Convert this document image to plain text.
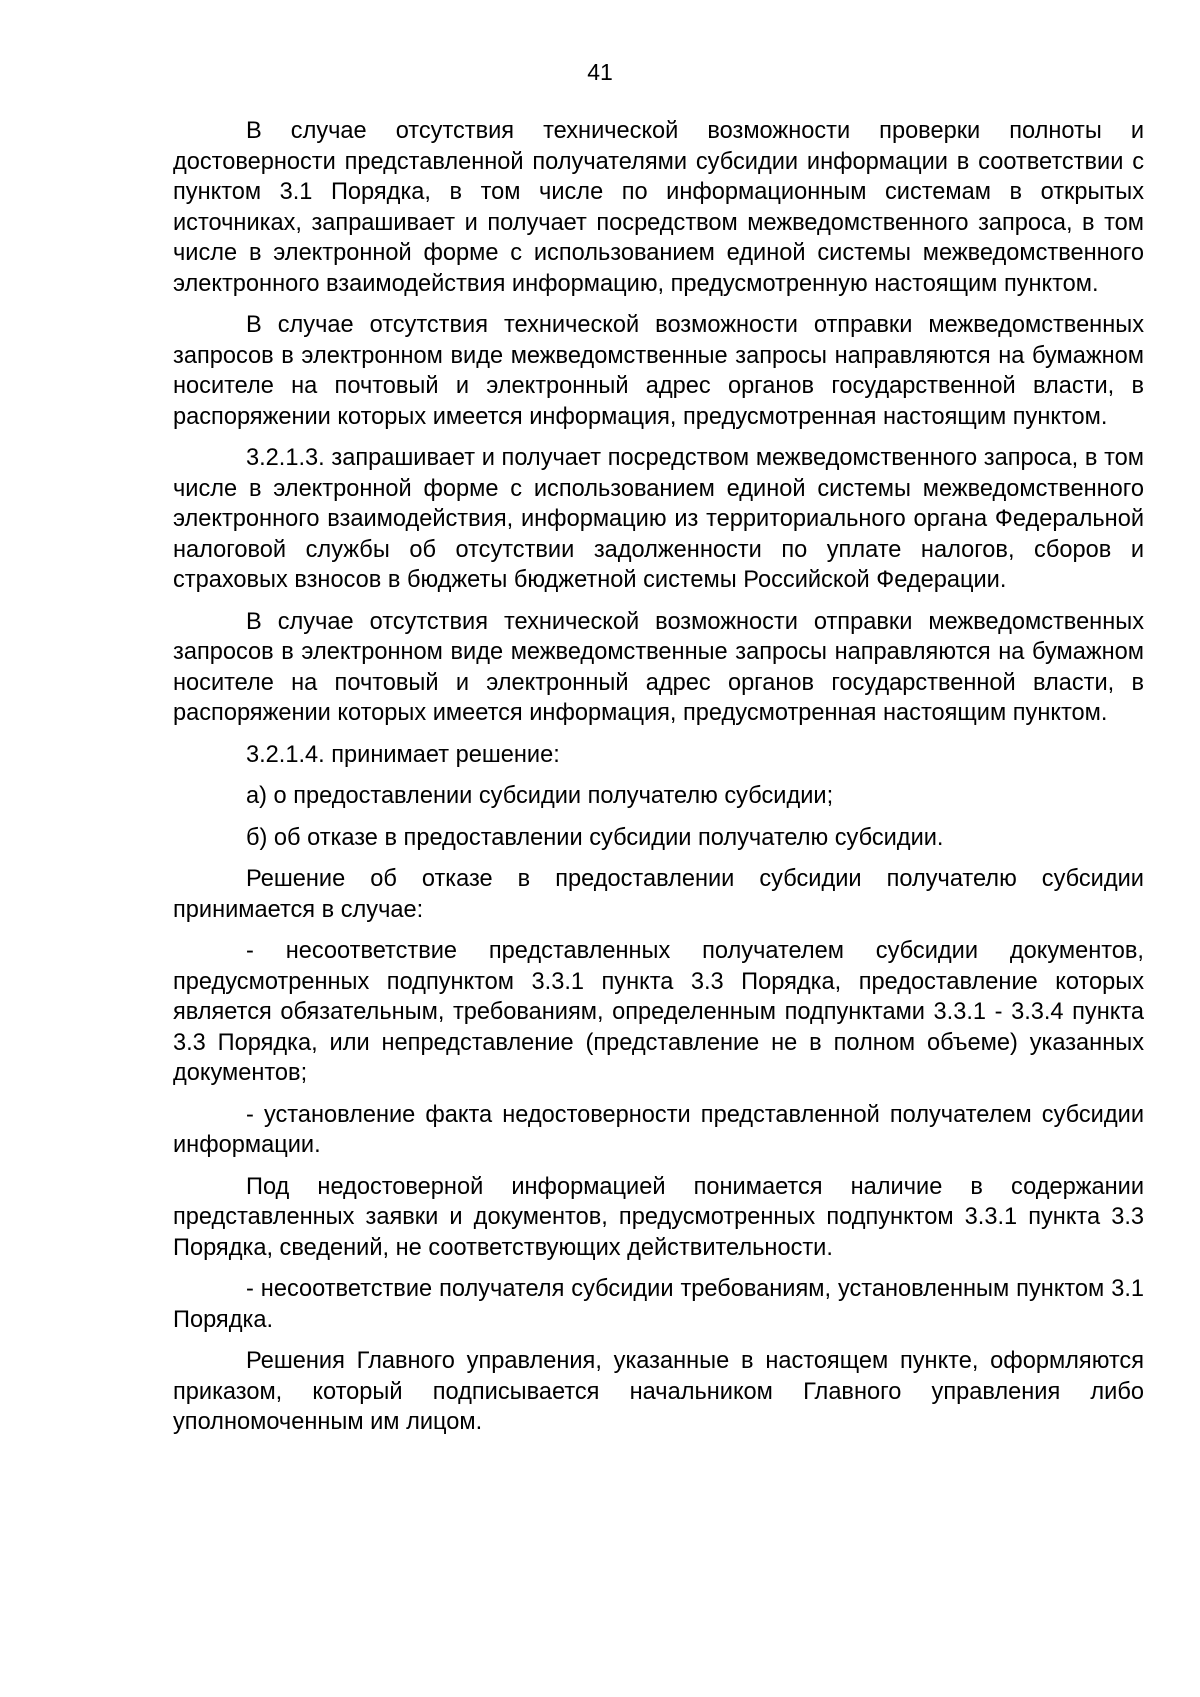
41

В случае отсутствия технической возможности проверки полноты и достоверности представленной получателями субсидии информации в соответствии с пунктом 3.1 Порядка, в том числе по информационным системам в открытых источниках, запрашивает и получает посредством межведомственного запроса, в том числе в электронной форме с использованием единой системы межведомственного электронного взаимодействия информацию, предусмотренную настоящим пунктом.

В случае отсутствия технической возможности отправки межведомственных запросов в электронном виде межведомственные запросы направляются на бумажном носителе на почтовый и электронный адрес органов государственной власти, в распоряжении которых имеется информация, предусмотренная настоящим пунктом.

3.2.1.3. запрашивает и получает посредством межведомственного запроса, в том числе в электронной форме с использованием единой системы межведомственного электронного взаимодействия, информацию из территориального органа Федеральной налоговой службы об отсутствии задолженности по уплате налогов, сборов и страховых взносов в бюджеты бюджетной системы Российской Федерации.

В случае отсутствия технической возможности отправки межведомственных запросов в электронном виде межведомственные запросы направляются на бумажном носителе на почтовый и электронный адрес органов государственной власти, в распоряжении которых имеется информация, предусмотренная настоящим пунктом.

3.2.1.4. принимает решение:

а) о предоставлении субсидии получателю субсидии;

б) об отказе в предоставлении субсидии получателю субсидии.

Решение об отказе в предоставлении субсидии получателю субсидии принимается в случае:

- несоответствие представленных получателем субсидии документов, предусмотренных подпунктом 3.3.1 пункта 3.3 Порядка, предоставление которых является обязательным, требованиям, определенным подпунктами 3.3.1 - 3.3.4 пункта 3.3 Порядка, или непредставление (представление не в полном объеме) указанных документов;

- установление факта недостоверности представленной получателем субсидии информации.

Под недостоверной информацией понимается наличие в содержании представленных заявки и документов, предусмотренных подпунктом 3.3.1 пункта 3.3 Порядка, сведений, не соответствующих действительности.

- несоответствие получателя субсидии требованиям, установленным пунктом 3.1 Порядка.

Решения Главного управления, указанные в настоящем пункте, оформляются приказом, который подписывается начальником Главного управления либо уполномоченным им лицом.
